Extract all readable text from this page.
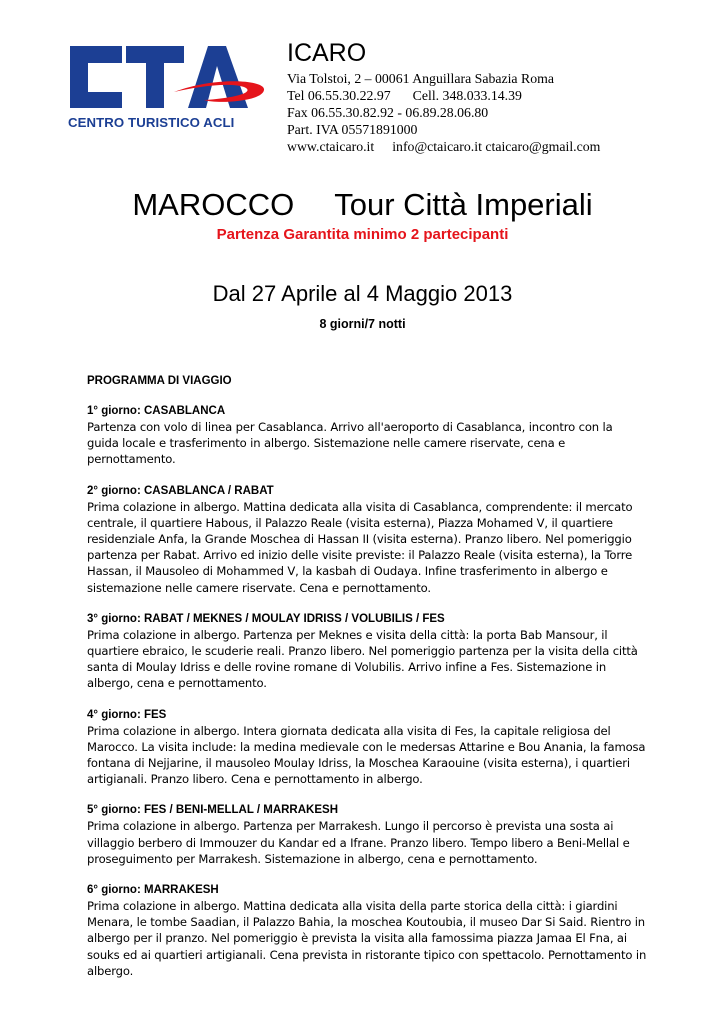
CENTRO TURISTICO ACLI
ICARO
Via Tolstoi, 2 – 00061 Anguillara Sabazia Roma
Tel 06.55.30.22.97 Cell. 348.033.14.39
Fax 06.55.30.82.92 - 06.89.28.06.80
Part. IVA 05571891000
www.ctaicaro.it info@ctaicaro.it ctaicaro@gmail.com
MAROCCO Tour Città Imperiali
Partenza Garantita minimo 2 partecipanti
Dal 27 Aprile al 4 Maggio 2013
8 giorni/7 notti
PROGRAMMA DI VIAGGIO
1° giorno: CASABLANCA
Partenza con volo di linea per Casablanca. Arrivo all'aeroporto di Casablanca, incontro con la guida locale e trasferimento in albergo. Sistemazione nelle camere riservate, cena e pernottamento.
2° giorno: CASABLANCA / RABAT
Prima colazione in albergo. Mattina dedicata alla visita di Casablanca, comprendente: il mercato centrale, il quartiere Habous, il Palazzo Reale (visita esterna), Piazza Mohamed V, il quartiere residenziale Anfa, la Grande Moschea di Hassan II (visita esterna). Pranzo libero. Nel pomeriggio partenza per Rabat. Arrivo ed inizio delle visite previste: il Palazzo Reale (visita esterna), la Torre Hassan, il Mausoleo di Mohammed V, la kasbah di Oudaya. Infine trasferimento in albergo e sistemazione nelle camere riservate. Cena e pernottamento.
3° giorno: RABAT / MEKNES / MOULAY IDRISS / VOLUBILIS / FES
Prima colazione in albergo. Partenza per Meknes e visita della città: la porta Bab Mansour, il quartiere ebraico, le scuderie reali. Pranzo libero. Nel pomeriggio partenza per la visita della città santa di Moulay Idriss e delle rovine romane di Volubilis. Arrivo infine a Fes. Sistemazione in albergo, cena e pernottamento.
4° giorno: FES
Prima colazione in albergo. Intera giornata dedicata alla visita di Fes, la capitale religiosa del Marocco. La visita include: la medina medievale con le medersas Attarine e Bou Anania, la famosa fontana di Nejjarine, il mausoleo Moulay Idriss, la Moschea Karaouine (visita esterna), i quartieri artigianali. Pranzo libero. Cena e pernottamento in albergo.
5° giorno: FES / BENI-MELLAL / MARRAKESH
Prima colazione in albergo. Partenza per Marrakesh. Lungo il percorso è prevista una sosta ai villaggio berbero di Immouzer du Kandar ed a Ifrane. Pranzo libero. Tempo libero a Beni-Mellal e proseguimento per Marrakesh. Sistemazione in albergo, cena e pernottamento.
6° giorno: MARRAKESH
Prima colazione in albergo. Mattina dedicata alla visita della parte storica della città: i giardini Menara, le tombe Saadian, il Palazzo Bahia, la moschea Koutoubia, il museo Dar Si Said. Rientro in albergo per il pranzo. Nel pomeriggio è prevista la visita alla famossima piazza Jamaa El Fna, ai souks ed ai quartieri artigianali. Cena prevista in ristorante tipico con spettacolo. Pernottamento in albergo.
